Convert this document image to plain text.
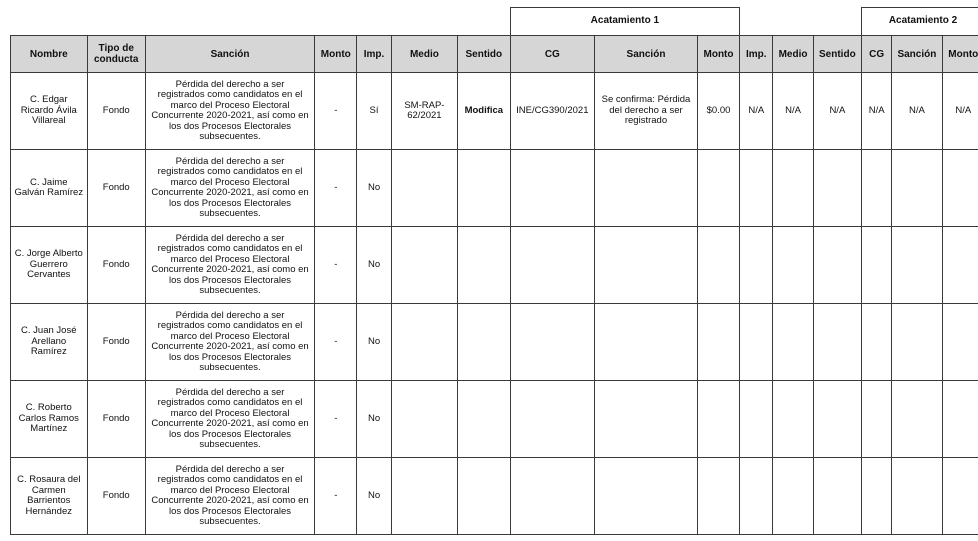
							Acatamiento 1						Acatamiento 2		
Nombre	Tipo de conducta	Sanción	Monto	Imp.	Medio	Sentido	CG	Sanción	Monto	Imp.	Medio	Sentido	CG	Sanción	Monto
C. Edgar Ricardo Ávila Villareal	Fondo	Pérdida del derecho a ser registrados como candidatos en el marco del Proceso Electoral Concurrente 2020-2021, así como en los dos Procesos Electorales subsecuentes.	-	Sí	SM-RAP-62/2021	Modifica	INE/CG390/2021	Se confirma: Pérdida del derecho a ser registrado	$0.00	N/A	N/A	N/A	N/A	N/A	N/A
C. Jaime Galván Ramírez	Fondo	Pérdida del derecho a ser registrados como candidatos en el marco del Proceso Electoral Concurrente 2020-2021, así como en los dos Procesos Electorales subsecuentes.	-	No											
C. Jorge Alberto Guerrero Cervantes	Fondo	Pérdida del derecho a ser registrados como candidatos en el marco del Proceso Electoral Concurrente 2020-2021, así como en los dos Procesos Electorales subsecuentes.	-	No											
C. Juan José Arellano Ramírez	Fondo	Pérdida del derecho a ser registrados como candidatos en el marco del Proceso Electoral Concurrente 2020-2021, así como en los dos Procesos Electorales subsecuentes.	-	No											
C. Roberto Carlos Ramos Martínez	Fondo	Pérdida del derecho a ser registrados como candidatos en el marco del Proceso Electoral Concurrente 2020-2021, así como en los dos Procesos Electorales subsecuentes.	-	No											
C. Rosaura del Carmen Barrientos Hernández	Fondo	Pérdida del derecho a ser registrados como candidatos en el marco del Proceso Electoral Concurrente 2020-2021, así como en los dos Procesos Electorales subsecuentes.	-	No											
